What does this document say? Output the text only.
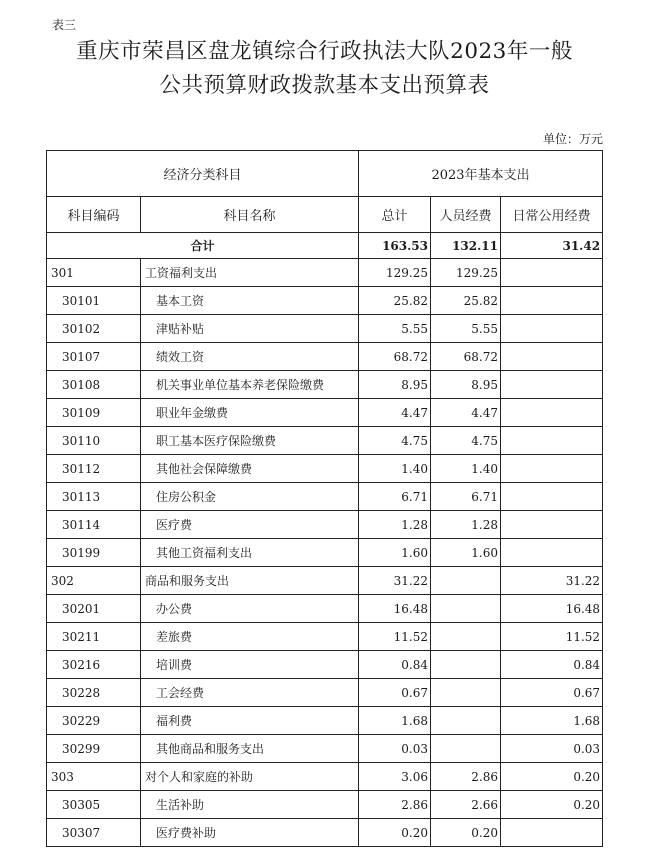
表三
重庆市荣昌区盘龙镇综合行政执法大队2023年一般
公共预算财政拨款基本支出预算表
单位：万元
经济分类科目		2023年基本支出		
科目编码	科目名称	总计	人员经费	日常公用经费
合计		163.53	132.11	31.42
301	工资福利支出	129.25	129.25	
30101	基本工资	25.82	25.82	
30102	津贴补贴	5.55	5.55	
30107	绩效工资	68.72	68.72	
30108	机关事业单位基本养老保险缴费	8.95	8.95	
30109	职业年金缴费	4.47	4.47	
30110	职工基本医疗保险缴费	4.75	4.75	
30112	其他社会保障缴费	1.40	1.40	
30113	住房公积金	6.71	6.71	
30114	医疗费	1.28	1.28	
30199	其他工资福利支出	1.60	1.60	
302	商品和服务支出	31.22		31.22
30201	办公费	16.48		16.48
30211	差旅费	11.52		11.52
30216	培训费	0.84		0.84
30228	工会经费	0.67		0.67
30229	福利费	1.68		1.68
30299	其他商品和服务支出	0.03		0.03
303	对个人和家庭的补助	3.06	2.86	0.20
30305	生活补助	2.86	2.66	0.20
30307	医疗费补助	0.20	0.20	
